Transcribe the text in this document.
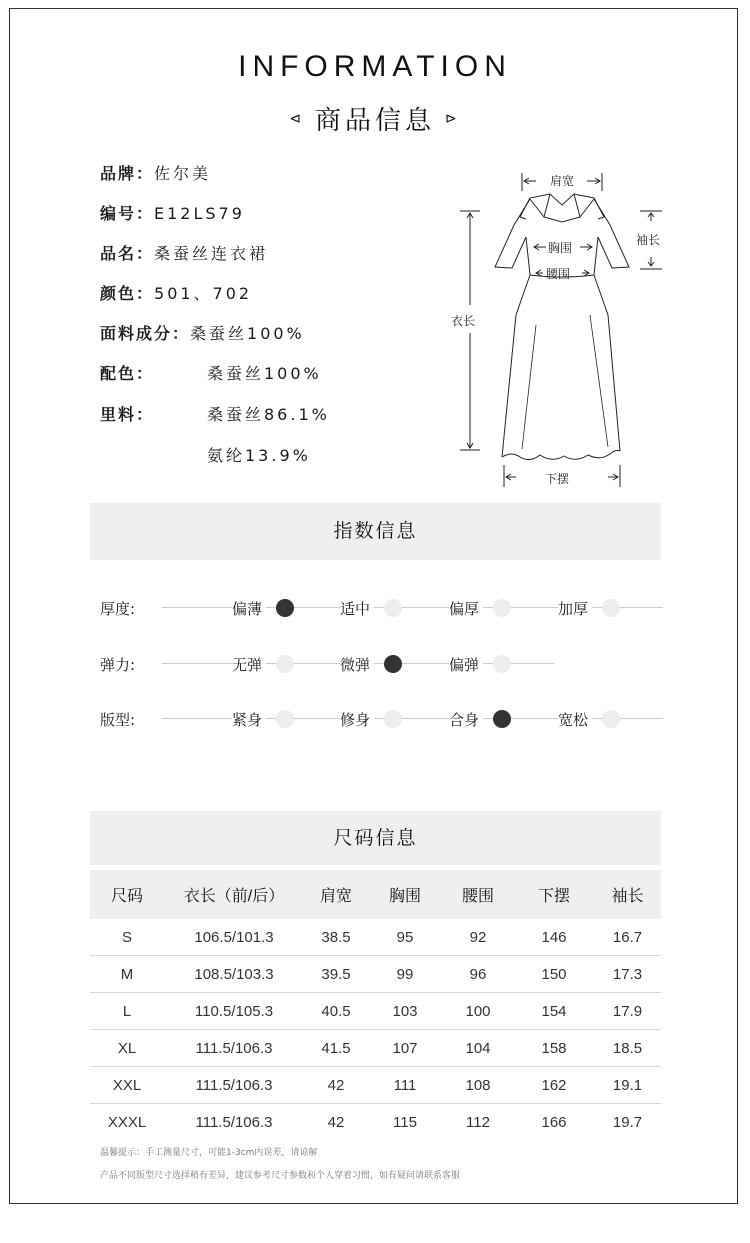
INFORMATION
⊲ 商品信息 ⊳
品牌：佐尔美
编号：E12LS79
品名：桑蚕丝连衣裙
颜色：501、702
面料成分：桑蚕丝100%
配色：	桑蚕丝100%
里料：	桑蚕丝86.1%
氨纶13.9%
肩宽
袖长
胸围
腰围
衣长
下摆
指数信息
厚度:	偏薄	适中	偏厚	加厚
弹力:	无弹	微弹	偏弹
版型:	紧身	修身	合身	宽松
尺码信息
尺码	衣长（前/后）	肩宽	胸围	腰围	下摆	袖长
S	106.5/101.3	38.5	95	92	146	16.7
M	108.5/103.3	39.5	99	96	150	17.3
L	110.5/105.3	40.5	103	100	154	17.9
XL	111.5/106.3	41.5	107	104	158	18.5
XXL	111.5/106.3	42	111	108	162	19.1
XXXL	111.5/106.3	42	115	112	166	19.7
温馨提示：手工测量尺寸，可能1-3cm内误差，请谅解
产品不同版型尺寸选择稍有差异，建议参考尺寸参数和个人穿着习惯，如有疑问请联系客服
